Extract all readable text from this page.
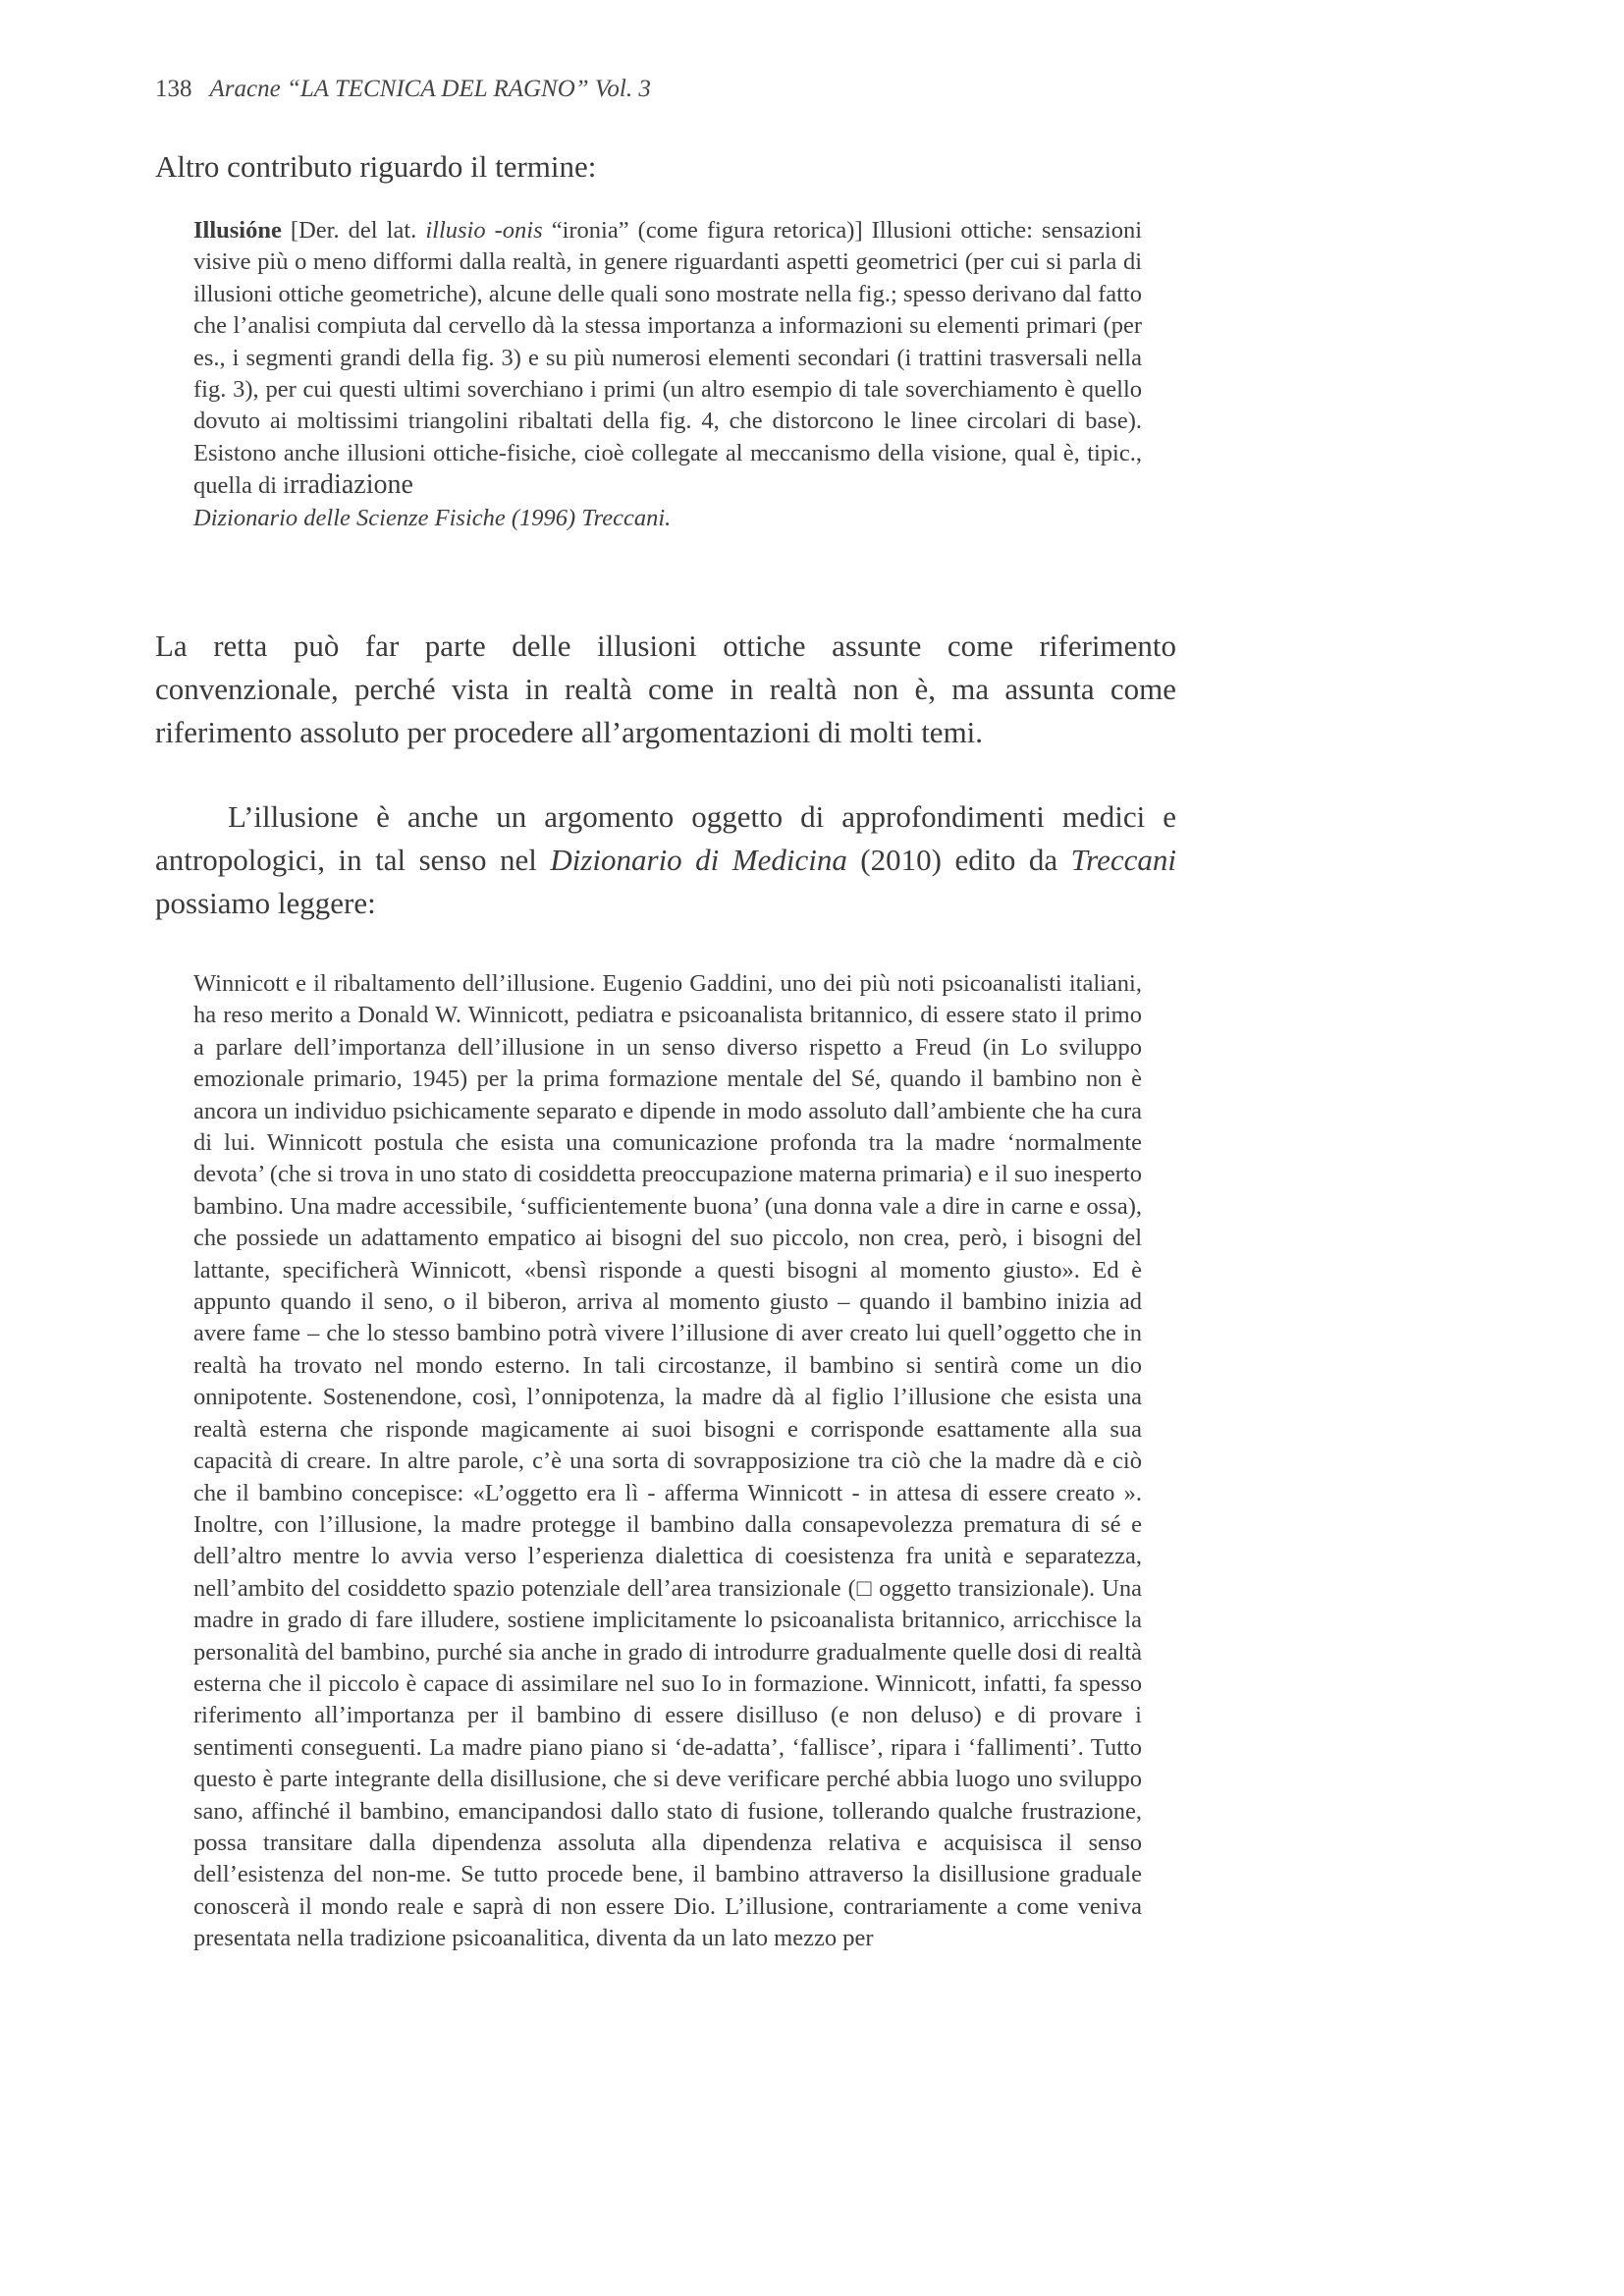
138 Aracne “LA TECNICA DEL RAGNO” Vol. 3
Altro contributo riguardo il termine:
Illusióne [Der. del lat. illusio -onis “ironia” (come figura retorica)] Illusioni ottiche: sensazioni visive più o meno difformi dalla realtà, in genere riguardanti aspetti geometrici (per cui si parla di illusioni ottiche geometriche), alcune delle quali sono mostrate nella fig.; spesso derivano dal fatto che l’analisi compiuta dal cervello dà la stessa importanza a informazioni su elementi primari (per es., i segmenti grandi della fig. 3) e su più numerosi elementi secondari (i trattini trasversali nella fig. 3), per cui questi ultimi soverchiano i primi (un altro esempio di tale soverchiamento è quello dovuto ai moltissimi triangolini ribaltati della fig. 4, che distorcono le linee circolari di base). Esistono anche illusioni ottiche-fisiche, cioè collegate al meccanismo della visione, qual è, tipic., quella di irradiazione
Dizionario delle Scienze Fisiche (1996) Treccani.
La retta può far parte delle illusioni ottiche assunte come riferimento convenzionale, perché vista in realtà come in realtà non è, ma assunta come riferimento assoluto per procedere all’argomentazioni di molti temi.
L’illusione è anche un argomento oggetto di approfondimenti medici e antropologici, in tal senso nel Dizionario di Medicina (2010) edito da Treccani possiamo leggere:
Winnicott e il ribaltamento dell’illusione. Eugenio Gaddini, uno dei più noti psicoanalisti italiani, ha reso merito a Donald W. Winnicott, pediatra e psicoanalista britannico, di essere stato il primo a parlare dell’importanza dell’illusione in un senso diverso rispetto a Freud (in Lo sviluppo emozionale primario, 1945) per la prima formazione mentale del Sé, quando il bambino non è ancora un individuo psichicamente separato e dipende in modo assoluto dall’ambiente che ha cura di lui. Winnicott postula che esista una comunicazione profonda tra la madre ‘normalmente devota’ (che si trova in uno stato di cosiddetta preoccupazione materna primaria) e il suo inesperto bambino. Una madre accessibile, ‘sufficientemente buona’ (una donna vale a dire in carne e ossa), che possiede un adattamento empatico ai bisogni del suo piccolo, non crea, però, i bisogni del lattante, specificherà Winnicott, «bensì risponde a questi bisogni al momento giusto». Ed è appunto quando il seno, o il biberon, arriva al momento giusto – quando il bambino inizia ad avere fame – che lo stesso bambino potrà vivere l’illusione di aver creato lui quell’oggetto che in realtà ha trovato nel mondo esterno. In tali circostanze, il bambino si sentirà come un dio onnipotente. Sostenendone, così, l’onnipotenza, la madre dà al figlio l’illusione che esista una realtà esterna che risponde magicamente ai suoi bisogni e corrisponde esattamente alla sua capacità di creare. In altre parole, c’è una sorta di sovrapposizione tra ciò che la madre dà e ciò che il bambino concepisce: «L’oggetto era lì - afferma Winnicott - in attesa di essere creato ». Inoltre, con l’illusione, la madre protegge il bambino dalla consapevolezza prematura di sé e dell’altro mentre lo avvia verso l’esperienza dialettica di coesistenza fra unità e separatezza, nell’ambito del cosiddetto spazio potenziale dell’area transizionale (□ oggetto transizionale). Una madre in grado di fare illudere, sostiene implicitamente lo psicoanalista britannico, arricchisce la personalità del bambino, purché sia anche in grado di introdurre gradualmente quelle dosi di realtà esterna che il piccolo è capace di assimilare nel suo Io in formazione. Winnicott, infatti, fa spesso riferimento all’importanza per il bambino di essere disilluso (e non deluso) e di provare i sentimenti conseguenti. La madre piano piano si ‘de-adatta’, ‘fallisce’, ripara i ‘fallimenti’. Tutto questo è parte integrante della disillusione, che si deve verificare perché abbia luogo uno sviluppo sano, affinché il bambino, emancipandosi dallo stato di fusione, tollerando qualche frustrazione, possa transitare dalla dipendenza assoluta alla dipendenza relativa e acquisisca il senso dell’esistenza del non-me. Se tutto procede bene, il bambino attraverso la disillusione graduale conoscerà il mondo reale e saprà di non essere Dio. L’illusione, contrariamente a come veniva presentata nella tradizione psicoanalitica, diventa da un lato mezzo per
